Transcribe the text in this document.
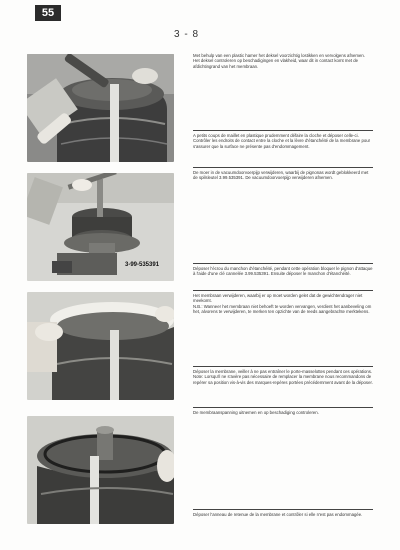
55
3 - 8
3-99-535391

Met behulp van een plastic hamer het deksel voorzichtig lostikken en vervolgens afnemen.
Het deksel controleren op beschadigingen en vlakheid, waar dit in contact komt met de afdichtingrand van het membraan.

A petits coups de maillet en plastique prudemment défaire la cloche et déposer celle-ci.
Contrôler les endroits de contact entre la cloche et la lèvre d'étanchéité de la membrane pour s'assurer que la surface ne présente pas d'endommagement.

De moer in de vacuumdoorvoerpijp verwijderen, waarbij de pignonas wordt geblokkeerd met de spilsleutel 3.99.535391. De vacuumdoorvoerpijp verwijderen afnemen.

Déposer l'écrou du manchon d'étanchéité, pendant cette opération bloquer le pignon d'attaque à l'aide d'une clé cannelée 3.99.535391. Ensuite déposer le manchon d'étanchéité.

Het membraan verwijderen, waarbij er op moet worden gelet dat de gewichtendrager niet meekomt.
N.B.: Wanneer het membraan niet behoeft te worden vervangen, verdient het aanbeveling om het, alvorens te verwijderen, te merken ten opzichte van de reeds aangebrachte merktekens.

Déposer la membrane, veiller à ne pas entraîner le porte-masselottes pendant ces opérations.
Note: Lorsqu'il ne s'avère pas nécessaire de remplacer la membrane nous recommandons de repérer sa position vis-à-vis des marques-repères portées précédemment avant de la déposer.

De membraanspanning uitnemen en op beschadiging controleren.

Déposer l'anneau de retenue de la membrane et contrôler si elle n'est pas endommagée.
